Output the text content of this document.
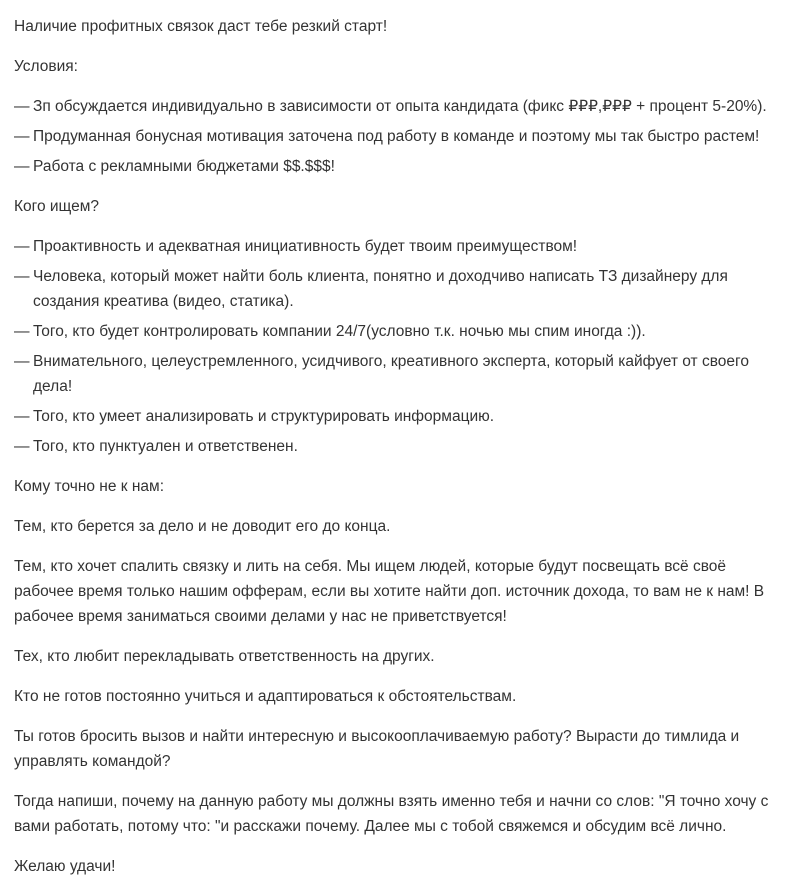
Наличие профитных связок даст тебе резкий старт!

Условия:

— Зп обсуждается индивидуально в зависимости от опыта кандидата (фикс ₽₽₽,₽₽₽ + процент 5-20%).
— Продуманная бонусная мотивация заточена под работу в команде и поэтому мы так быстро растем!
— Работа с рекламными бюджетами $$.$$$!

Кого ищем?

— Проактивность и адекватная инициативность будет твоим преимуществом!
— Человека, который может найти боль клиента, понятно и доходчиво написать ТЗ дизайнеру для создания креатива (видео, статика).
— Того, кто будет контролировать компании 24/7(условно т.к. ночью мы спим иногда :)).
— Внимательного, целеустремленного, усидчивого, креативного эксперта, который кайфует от своего дела!
— Того, кто умеет анализировать и структурировать информацию.
— Того, кто пунктуален и ответственен.

Кому точно не к нам:

Тем, кто берется за дело и не доводит его до конца.

Тем, кто хочет спалить связку и лить на себя. Мы ищем людей, которые будут посвещать всё своё рабочее время только нашим офферам, если вы хотите найти доп. источник дохода, то вам не к нам! В рабочее время заниматься своими делами у нас не приветствуется!

Тех, кто любит перекладывать ответственность на других.

Кто не готов постоянно учиться и адаптироваться к обстоятельствам.

Ты готов бросить вызов и найти интересную и высокооплачиваемую работу? Вырасти до тимлида и управлять командой?

Тогда напиши, почему на данную работу мы должны взять именно тебя и начни со слов: "Я точно хочу с вами работать, потому что: "и расскажи почему. Далее мы с тобой свяжемся и обсудим всё лично.

Желаю удачи!
